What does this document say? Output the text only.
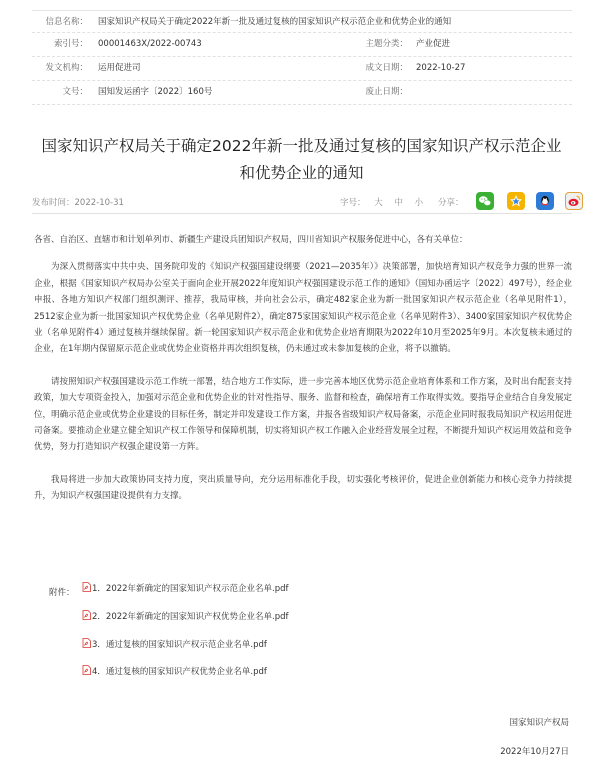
信息名称： 国家知识产权局关于确定2022年新一批及通过复核的国家知识产权示范企业和优势企业的通知
索引号： 00001463X/2022-00743	主题分类： 产业促进
发文机构： 运用促进司	成文日期： 2022-10-27
文号： 国知发运函字〔2022〕160号	废止日期：
国家知识产权局关于确定2022年新一批及通过复核的国家知识产权示范企业
和优势企业的通知
发布时间：2022-10-31	字号： 大 中 小	分享：

各省、自治区、直辖市和计划单列市、新疆生产建设兵团知识产权局，四川省知识产权服务促进中心，各有关单位：

为深入贯彻落实中共中央、国务院印发的《知识产权强国建设纲要（2021—2035年）》决策部署，加快培育知识产权竞争力强的世界一流企业，根据《国家知识产权局办公室关于面向企业开展2022年度知识产权强国建设示范工作的通知》（国知办函运字〔2022〕497号），经企业申报、各地方知识产权部门组织测评、推荐，我局审核，并向社会公示，确定482家企业为新一批国家知识产权示范企业（名单见附件1），2512家企业为新一批国家知识产权优势企业（名单见附件2），确定875家国家知识产权示范企业（名单见附件3）、3400家国家知识产权优势企业（名单见附件4）通过复核并继续保留。新一轮国家知识产权示范企业和优势企业培育期限为2022年10月至2025年9月。本次复核未通过的企业，在1年期内保留原示范企业或优势企业资格并再次组织复核，仍未通过或未参加复核的企业，将予以撤销。

请按照知识产权强国建设示范工作统一部署，结合地方工作实际，进一步完善本地区优势示范企业培育体系和工作方案，及时出台配套支持政策，加大专项资金投入，加强对示范企业和优势企业的针对性指导、服务、监督和检查，确保培育工作取得实效。要指导企业结合自身发展定位，明确示范企业或优势企业建设的目标任务，制定并印发建设工作方案，并报各省级知识产权局备案，示范企业同时报我局知识产权运用促进司备案。要推动企业建立健全知识产权工作领导和保障机制，切实将知识产权工作融入企业经营发展全过程，不断提升知识产权运用效益和竞争优势，努力打造知识产权强企建设第一方阵。

我局将进一步加大政策协同支持力度，突出质量导向，充分运用标准化手段，切实强化考核评价，促进企业创新能力和核心竞争力持续提升，为知识产权强国建设提供有力支撑。

附件：	1．2022年新确定的国家知识产权示范企业名单.pdf
2．2022年新确定的国家知识产权优势企业名单.pdf
3．通过复核的国家知识产权示范企业名单.pdf
4．通过复核的国家知识产权优势企业名单.pdf
国家知识产权局
2022年10月27日
